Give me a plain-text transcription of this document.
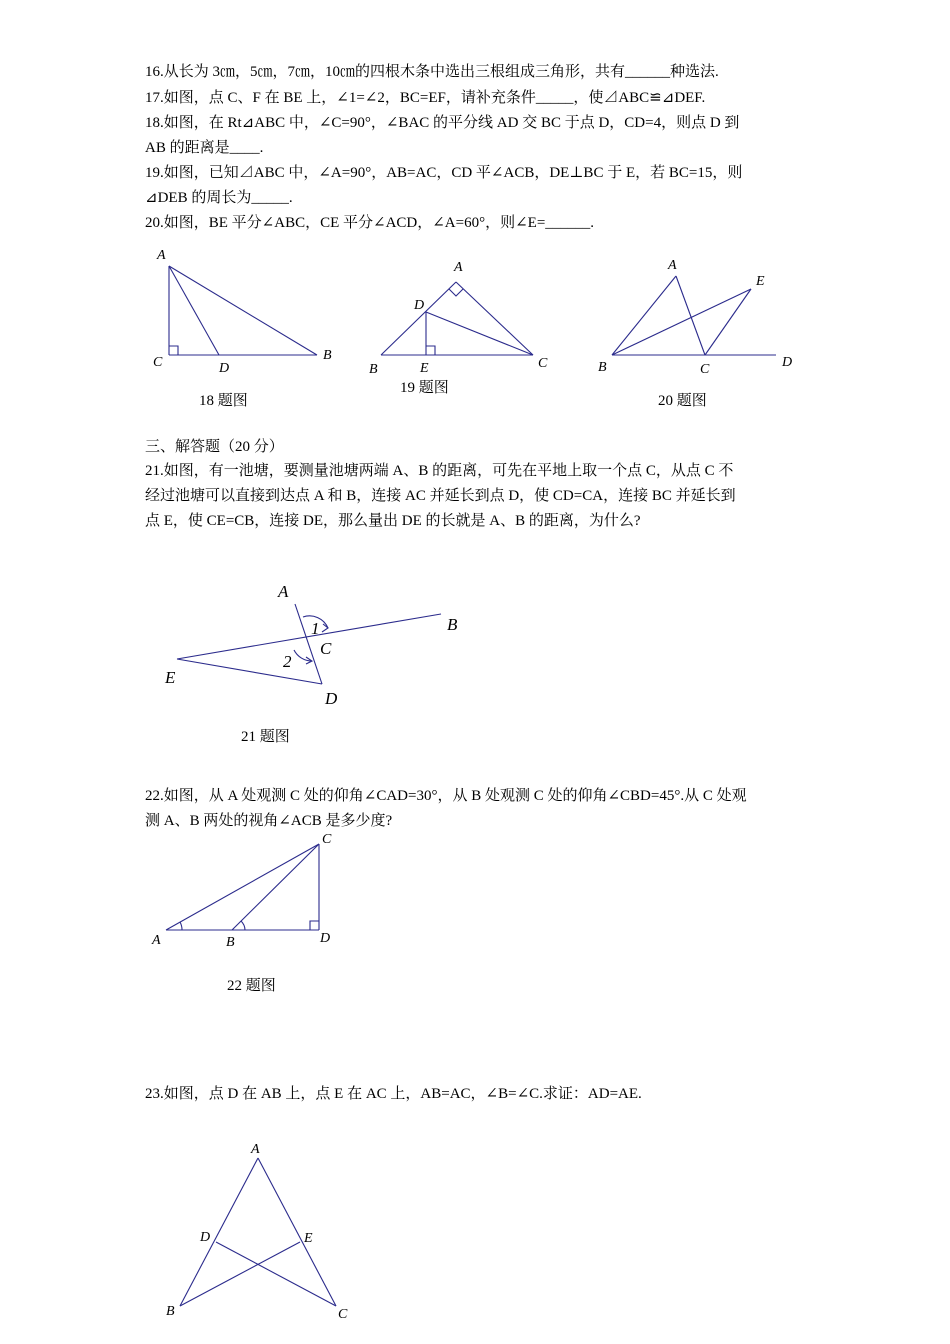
16.从长为 3㎝，5㎝，7㎝，10㎝的四根木条中选出三根组成三角形，共有______种选法.
17.如图，点 C、F 在 BE 上，∠1=∠2，BC=EF，请补充条件_____，使⊿ABC≌⊿DEF.
18.如图，在 Rt⊿ABC 中，∠C=90°，∠BAC 的平分线 AD 交 BC 于点 D，CD=4，则点 D 到
AB 的距离是____.
19.如图，已知⊿ABC 中，∠A=90°，AB=AC，CD 平∠ACB，DE⊥BC 于 E，若 BC=15，则
⊿DEB 的周长为_____.
20.如图，BE 平分∠ABC，CE 平分∠ACD，∠A=60°，则∠E=______.
A
C	D
B
18 题图
A
D
B	E	C
19 题图
A
E
B	C	D
20 题图
三、解答题（20 分）
21.如图，有一池塘，要测量池塘两端 A、B 的距离，可先在平地上取一个点 C，从点 C 不
经过池塘可以直接到达点 A 和 B，连接 AC 并延长到点 D，使 CD=CA，连接 BC 并延长到
点 E，使 CE=CB，连接 DE，那么量出 DE 的长就是 A、B 的距离，为什么?
A
B
C
E
D
1
2
21 题图
22.如图，从 A 处观测 C 处的仰角∠CAD=30°，从 B 处观测 C 处的仰角∠CBD=45°.从 C 处观
测 A、B 两处的视角∠ACB 是多少度?
C
A	B	D
22 题图
23.如图，点 D 在 AB 上，点 E 在 AC 上，AB=AC，∠B=∠C.求证：AD=AE.
A
D	E
B	C
